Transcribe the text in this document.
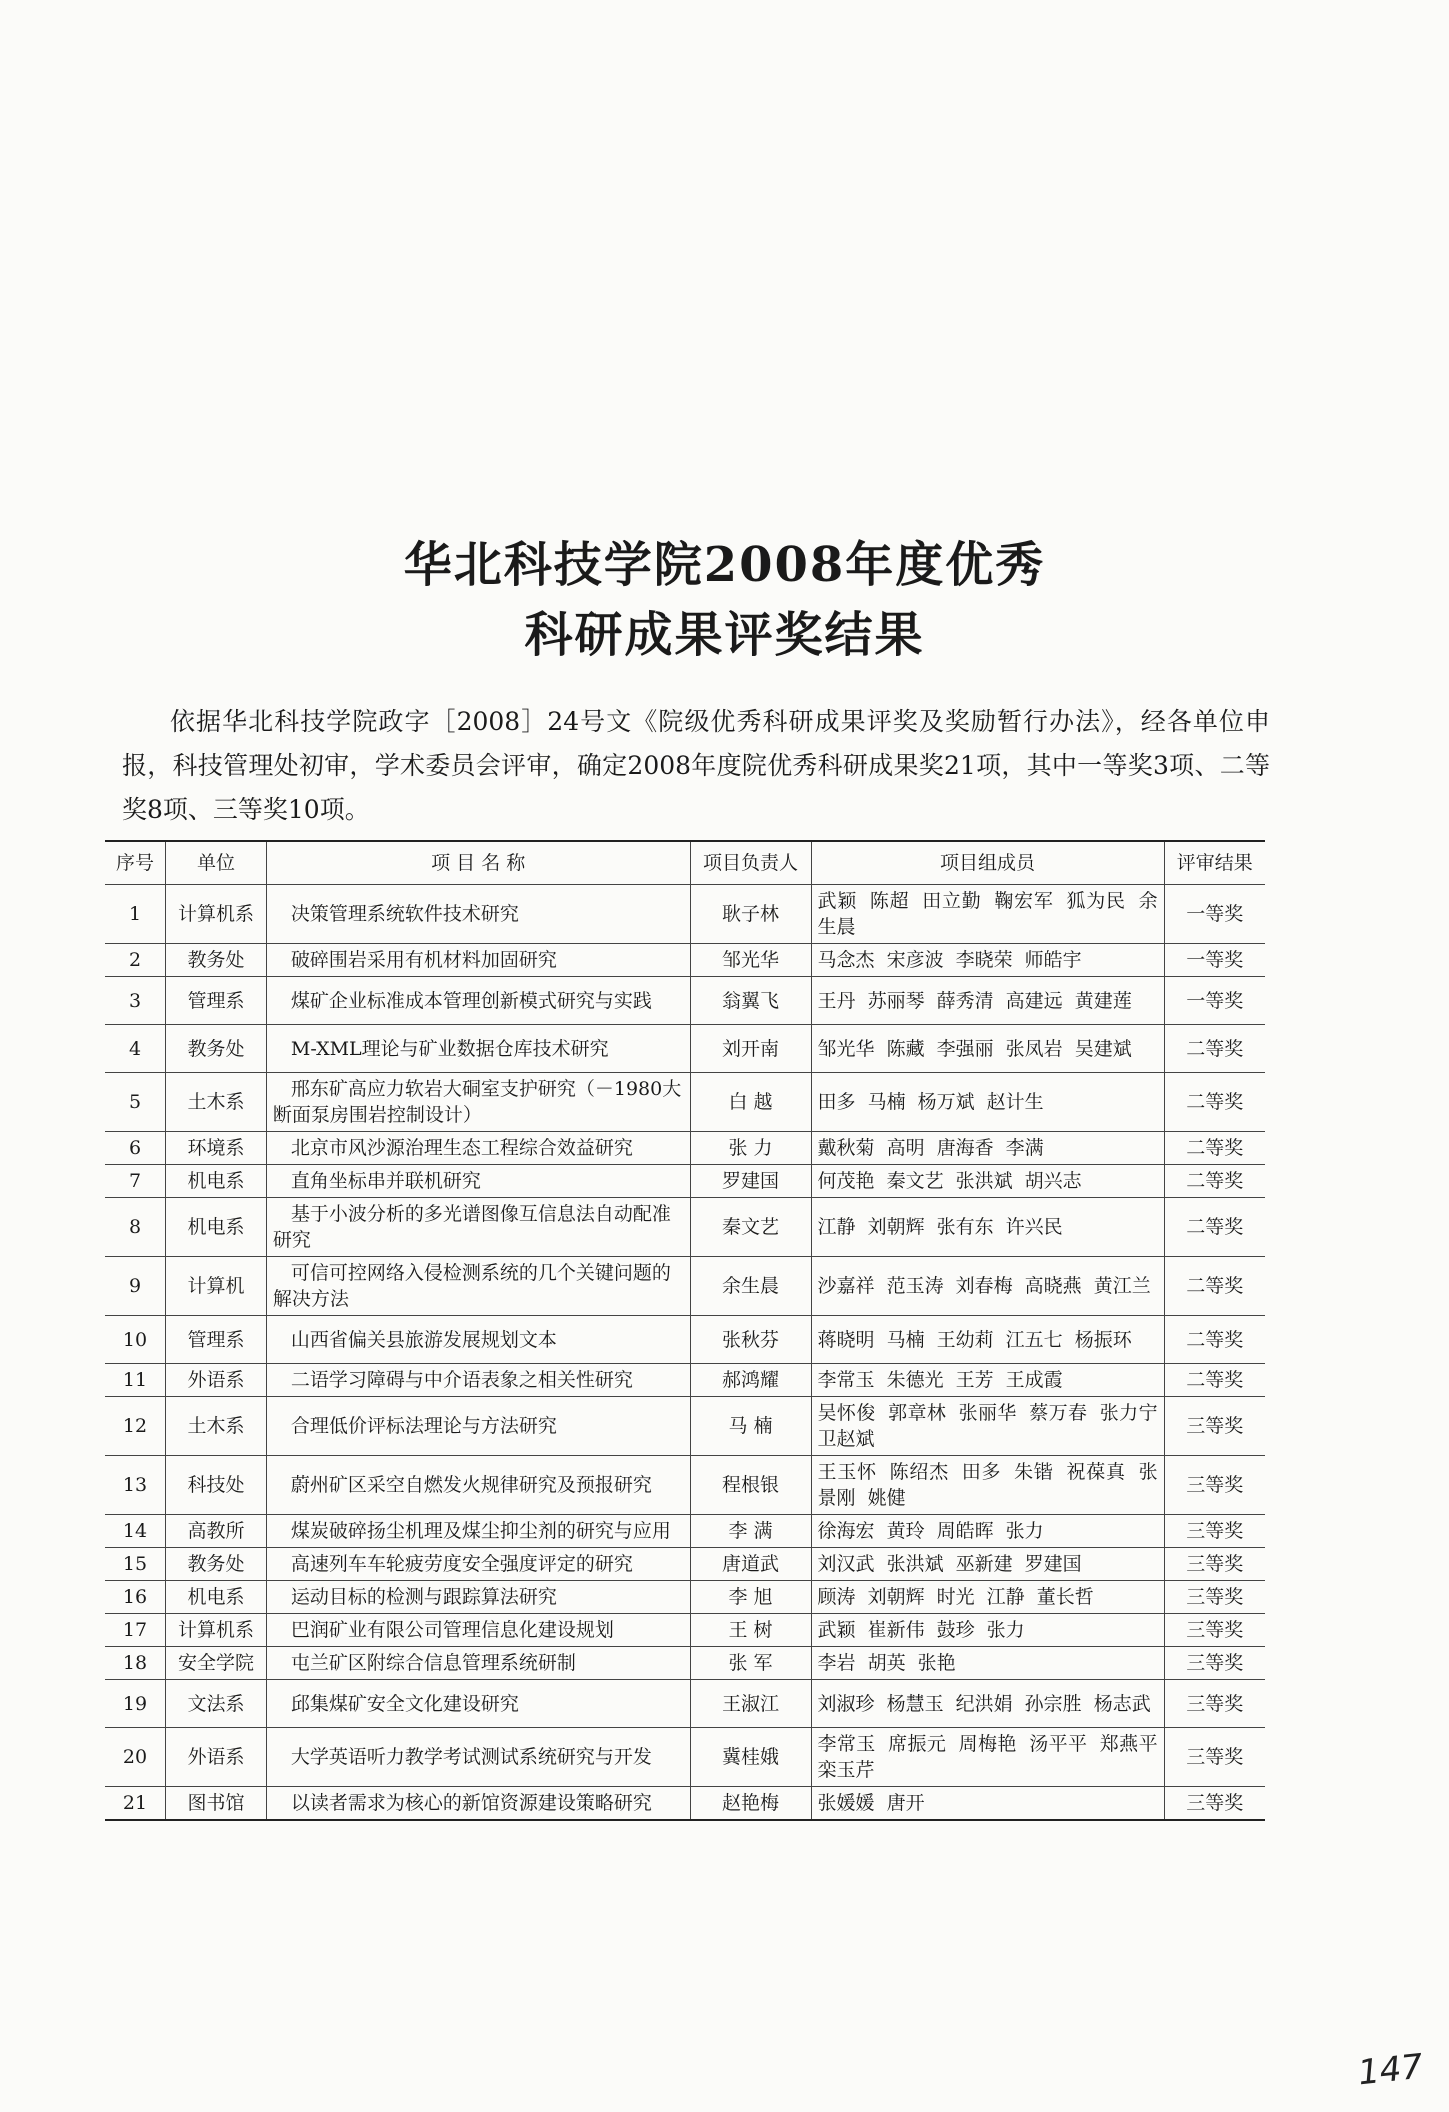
华北科技学院2008年度优秀
科研成果评奖结果

依据华北科技学院政字［2008］24号文《院级优秀科研成果评奖及奖励暂行办法》，经各单位申报，科技管理处初审，学术委员会评审，确定2008年度院优秀科研成果奖21项，其中一等奖3项、二等奖8项、三等奖10项。

序号	单位	项 目 名 称	项目负责人	项目组成员	评审结果
1	计算机系	决策管理系统软件技术研究	耿子林	武颖 陈超 田立勤 鞠宏军 狐为民 余生晨	一等奖
2	教务处	破碎围岩采用有机材料加固研究	邹光华	马念杰 宋彦波 李晓荣 师皓宇	一等奖
3	管理系	煤矿企业标准成本管理创新模式研究与实践	翁翼飞	王丹 苏丽琴 薛秀清 高建远 黄建莲	一等奖
4	教务处	M-XML理论与矿业数据仓库技术研究	刘开南	邹光华 陈藏 李强丽 张凤岩 吴建斌	二等奖
5	土木系	邢东矿高应力软岩大硐室支护研究（－1980大断面泵房围岩控制设计）	白 越	田多 马楠 杨万斌 赵计生	二等奖
6	环境系	北京市风沙源治理生态工程综合效益研究	张 力	戴秋菊 高明 唐海香 李满	二等奖
7	机电系	直角坐标串并联机研究	罗建国	何茂艳 秦文艺 张洪斌 胡兴志	二等奖
8	机电系	基于小波分析的多光谱图像互信息法自动配准研究	秦文艺	江静 刘朝辉 张有东 许兴民	二等奖
9	计算机	可信可控网络入侵检测系统的几个关键问题的解决方法	余生晨	沙嘉祥 范玉涛 刘春梅 高晓燕 黄江兰	二等奖
10	管理系	山西省偏关县旅游发展规划文本	张秋芬	蒋晓明 马楠 王幼莉 江五七 杨振环	二等奖
11	外语系	二语学习障碍与中介语表象之相关性研究	郝鸿耀	李常玉 朱德光 王芳 王成霞	二等奖
12	土木系	合理低价评标法理论与方法研究	马 楠	吴怀俊 郭章林 张丽华 蔡万春 张力宁 卫赵斌	三等奖
13	科技处	蔚州矿区采空自燃发火规律研究及预报研究	程根银	王玉怀 陈绍杰 田多 朱锴 祝葆真 张景刚 姚健	三等奖
14	高教所	煤炭破碎扬尘机理及煤尘抑尘剂的研究与应用	李 满	徐海宏 黄玲 周皓晖 张力	三等奖
15	教务处	高速列车车轮疲劳度安全强度评定的研究	唐道武	刘汉武 张洪斌 巫新建 罗建国	三等奖
16	机电系	运动目标的检测与跟踪算法研究	李 旭	顾涛 刘朝辉 时光 江静 董长哲	三等奖
17	计算机系	巴润矿业有限公司管理信息化建设规划	王 树	武颖 崔新伟 鼓珍 张力	三等奖
18	安全学院	屯兰矿区附综合信息管理系统研制	张 军	李岩 胡英 张艳	三等奖
19	文法系	邱集煤矿安全文化建设研究	王淑江	刘淑珍 杨慧玉 纪洪娟 孙宗胜 杨志武	三等奖
20	外语系	大学英语听力教学考试测试系统研究与开发	冀桂娥	李常玉 席振元 周梅艳 汤平平 郑燕平 栾玉芹	三等奖
21	图书馆	以读者需求为核心的新馆资源建设策略研究	赵艳梅	张媛媛 唐开	三等奖
147
